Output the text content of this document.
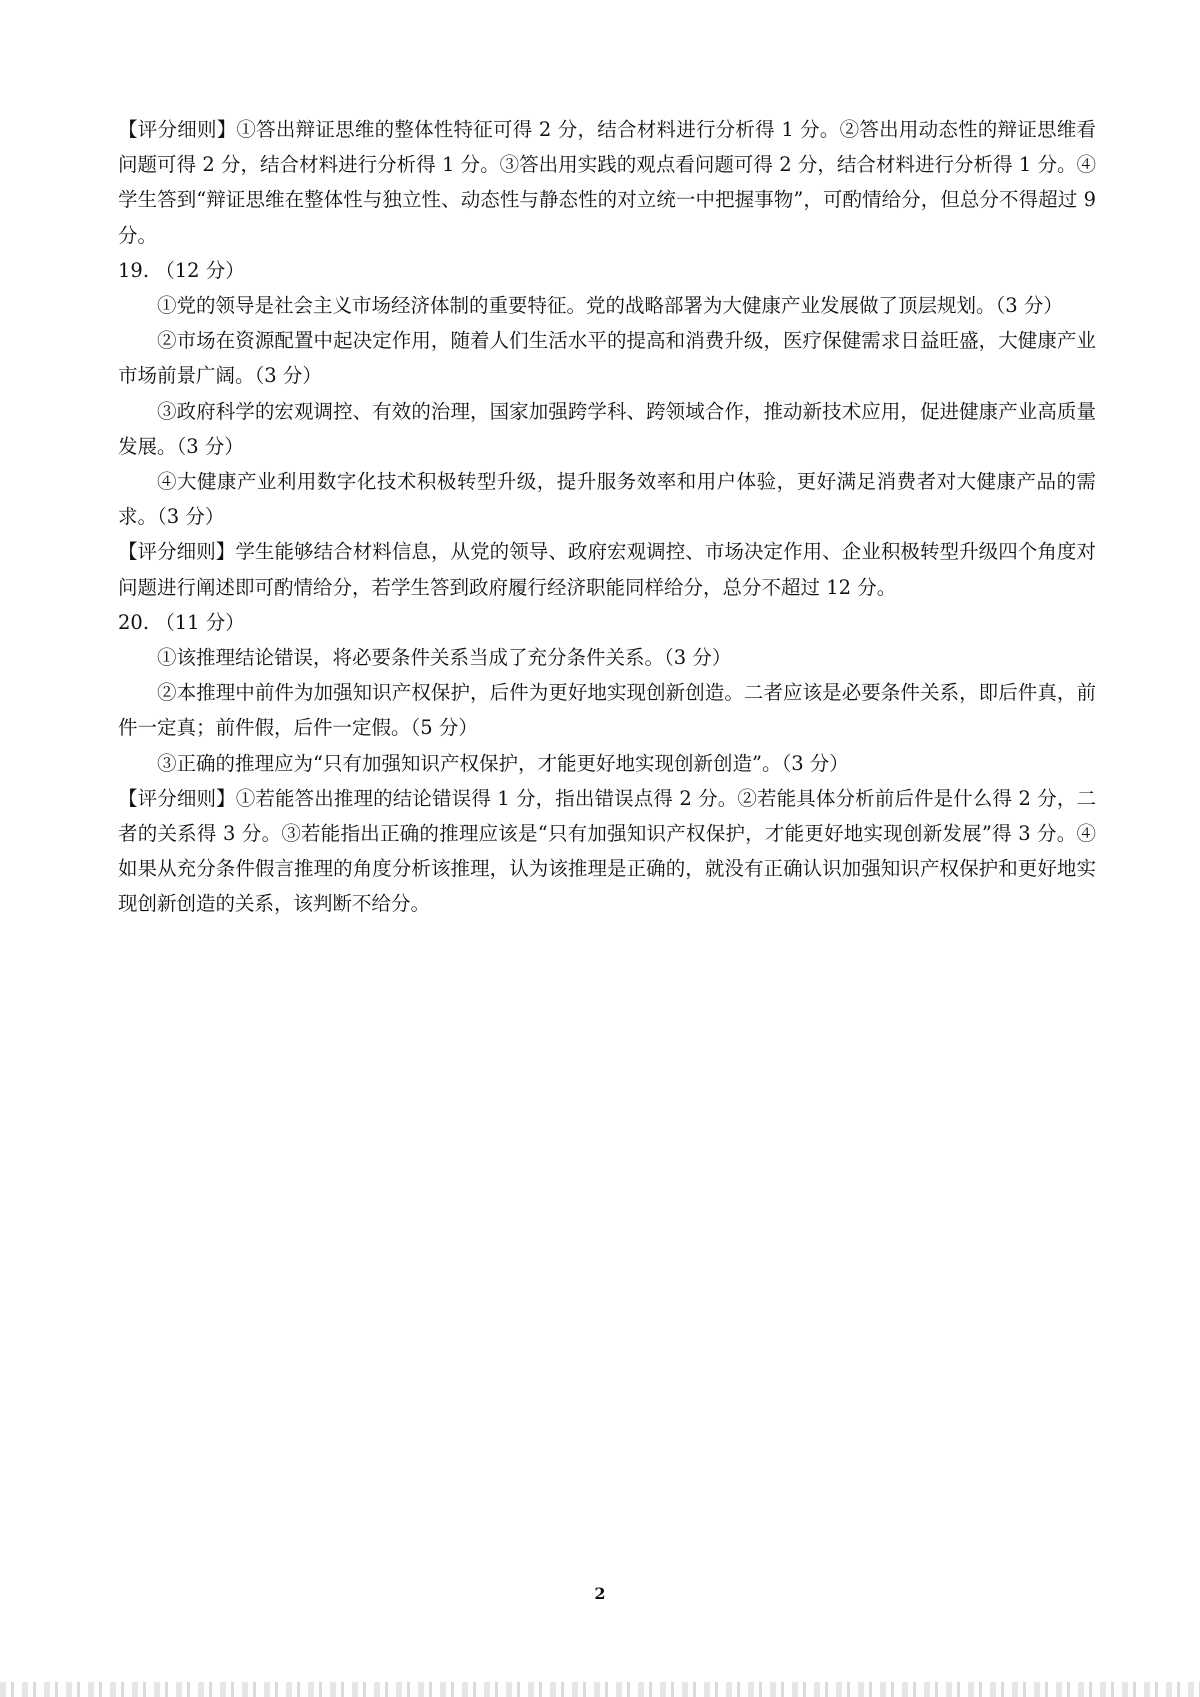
【评分细则】①答出辩证思维的整体性特征可得 2 分，结合材料进行分析得 1 分。②答出用动态性的辩证思维看问题可得 2 分，结合材料进行分析得 1 分。③答出用实践的观点看问题可得 2 分，结合材料进行分析得 1 分。④学生答到“辩证思维在整体性与独立性、动态性与静态性的对立统一中把握事物”，可酌情给分，但总分不得超过 9 分。

19. （12 分）

①党的领导是社会主义市场经济体制的重要特征。党的战略部署为大健康产业发展做了顶层规划。（3 分）

②市场在资源配置中起决定作用，随着人们生活水平的提高和消费升级，医疗保健需求日益旺盛，大健康产业市场前景广阔。（3 分）

③政府科学的宏观调控、有效的治理，国家加强跨学科、跨领域合作，推动新技术应用，促进健康产业高质量发展。（3 分）

④大健康产业利用数字化技术积极转型升级，提升服务效率和用户体验，更好满足消费者对大健康产品的需求。（3 分）

【评分细则】学生能够结合材料信息，从党的领导、政府宏观调控、市场决定作用、企业积极转型升级四个角度对问题进行阐述即可酌情给分，若学生答到政府履行经济职能同样给分，总分不超过 12 分。

20. （11 分）

①该推理结论错误，将必要条件关系当成了充分条件关系。（3 分）

②本推理中前件为加强知识产权保护，后件为更好地实现创新创造。二者应该是必要条件关系，即后件真，前件一定真；前件假，后件一定假。（5 分）

③正确的推理应为“只有加强知识产权保护，才能更好地实现创新创造”。（3 分）

【评分细则】①若能答出推理的结论错误得 1 分，指出错误点得 2 分。②若能具体分析前后件是什么得 2 分，二者的关系得 3 分。③若能指出正确的推理应该是“只有加强知识产权保护，才能更好地实现创新发展”得 3 分。④如果从充分条件假言推理的角度分析该推理，认为该推理是正确的，就没有正确认识加强知识产权保护和更好地实现创新创造的关系，该判断不给分。

2
